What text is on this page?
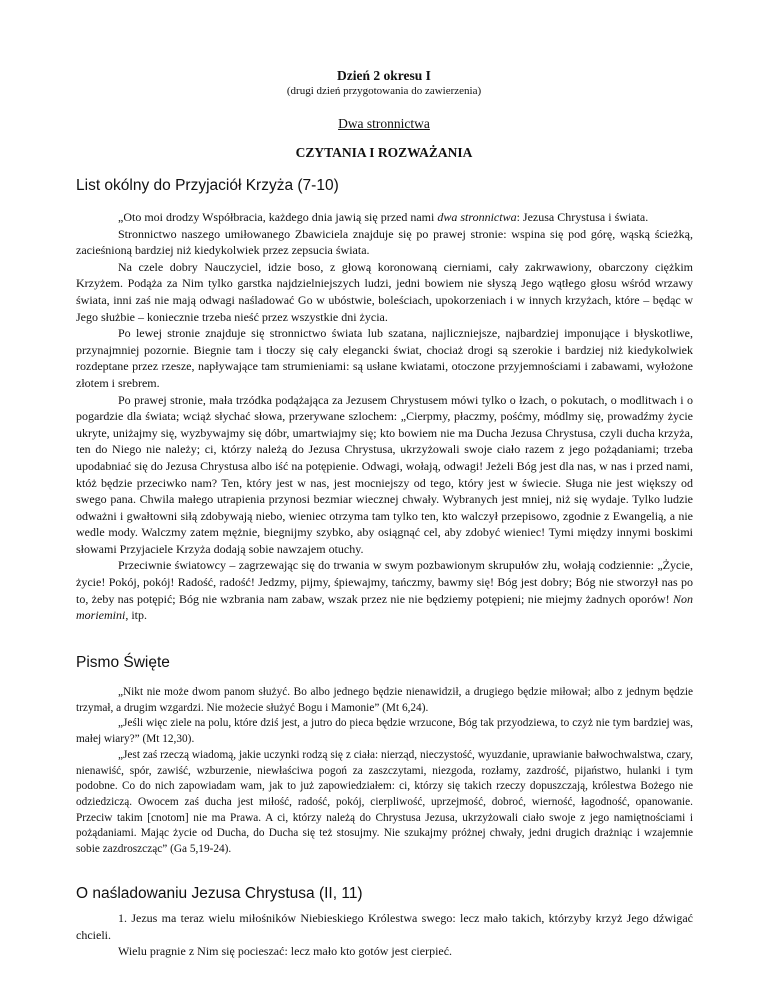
Dzień 2 okresu I
(drugi dzień przygotowania do zawierzenia)
Dwa stronnictwa
CZYTANIA I ROZWAŻANIA
List okólny do Przyjaciół Krzyża (7-10)

„Oto moi drodzy Współbracia, każdego dnia jawią się przed nami dwa stronnictwa: Jezusa Chrystusa i świata.

Stronnictwo naszego umiłowanego Zbawiciela znajduje się po prawej stronie: wspina się pod górę, wąską ścieżką, zacieśnioną bardziej niż kiedykolwiek przez zepsucia świata.

Na czele dobry Nauczyciel, idzie boso, z głową koronowaną cierniami, cały zakrwawiony, obarczony ciężkim Krzyżem. Podąża za Nim tylko garstka najdzielniejszych ludzi, jedni bowiem nie słyszą Jego wątłego głosu wśród wrzawy świata, inni zaś nie mają odwagi naśladować Go w ubóstwie, boleściach, upokorzeniach i w innych krzyżach, które – będąc w Jego służbie – koniecznie trzeba nieść przez wszystkie dni życia.

Po lewej stronie znajduje się stronnictwo świata lub szatana, najliczniejsze, najbardziej imponujące i błyskotliwe, przynajmniej pozornie. Biegnie tam i tłoczy się cały elegancki świat, chociaż drogi są szerokie i bardziej niż kiedykolwiek rozdeptane przez rzesze, napływające tam strumieniami: są usłane kwiatami, otoczone przyjemnościami i zabawami, wyłożone złotem i srebrem.

Po prawej stronie, mała trzódka podążająca za Jezusem Chrystusem mówi tylko o łzach, o pokutach, o modlitwach i o pogardzie dla świata; wciąż słychać słowa, przerywane szlochem: „Cierpmy, płaczmy, pośćmy, módlmy się, prowadźmy życie ukryte, uniżajmy się, wyzbywajmy się dóbr, umartwiajmy się; kto bowiem nie ma Ducha Jezusa Chrystusa, czyli ducha krzyża, ten do Niego nie należy; ci, którzy należą do Jezusa Chrystusa, ukrzyżowali swoje ciało razem z jego pożądaniami; trzeba upodabniać się do Jezusa Chrystusa albo iść na potępienie. Odwagi, wołają, odwagi! Jeżeli Bóg jest dla nas, w nas i przed nami, któż będzie przeciwko nam? Ten, który jest w nas, jest mocniejszy od tego, który jest w świecie. Sługa nie jest większy od swego pana. Chwila małego utrapienia przynosi bezmiar wiecznej chwały. Wybranych jest mniej, niż się wydaje. Tylko ludzie odważni i gwałtowni siłą zdobywają niebo, wieniec otrzyma tam tylko ten, kto walczył przepisowo, zgodnie z Ewangelią, a nie wedle mody. Walczmy zatem mężnie, biegnijmy szybko, aby osiągnąć cel, aby zdobyć wieniec! Tymi między innymi boskimi słowami Przyjaciele Krzyża dodają sobie nawzajem otuchy.

Przeciwnie światowcy – zagrzewając się do trwania w swym pozbawionym skrupułów złu, wołają codziennie: „Życie, życie! Pokój, pokój! Radość, radość! Jedzmy, pijmy, śpiewajmy, tańczmy, bawmy się! Bóg jest dobry; Bóg nie stworzył nas po to, żeby nas potępić; Bóg nie wzbrania nam zabaw, wszak przez nie nie będziemy potępieni; nie miejmy żadnych oporów! Non moriemini, itp.

Pismo Święte

„Nikt nie może dwom panom służyć. Bo albo jednego będzie nienawidził, a drugiego będzie miłował; albo z jednym będzie trzymał, a drugim wzgardzi. Nie możecie służyć Bogu i Mamonie” (Mt 6,24).

„Jeśli więc ziele na polu, które dziś jest, a jutro do pieca będzie wrzucone, Bóg tak przyodziewa, to czyż nie tym bardziej was, małej wiary?” (Mt 12,30).

„Jest zaś rzeczą wiadomą, jakie uczynki rodzą się z ciała: nierząd, nieczystość, wyuzdanie, uprawianie bałwochwalstwa, czary, nienawiść, spór, zawiść, wzburzenie, niewłaściwa pogoń za zaszczytami, niezgoda, rozłamy, zazdrość, pijaństwo, hulanki i tym podobne. Co do nich zapowiadam wam, jak to już zapowiedziałem: ci, którzy się takich rzeczy dopuszczają, królestwa Bożego nie odziedziczą. Owocem zaś ducha jest miłość, radość, pokój, cierpliwość, uprzejmość, dobroć, wierność, łagodność, opanowanie. Przeciw takim [cnotom] nie ma Prawa. A ci, którzy należą do Chrystusa Jezusa, ukrzyżowali ciało swoje z jego namiętnościami i pożądaniami. Mając życie od Ducha, do Ducha się też stosujmy. Nie szukajmy próżnej chwały, jedni drugich drażniąc i wzajemnie sobie zazdroszcząc” (Ga 5,19-24).

O naśladowaniu Jezusa Chrystusa (II, 11)

1. Jezus ma teraz wielu miłośników Niebieskiego Królestwa swego: lecz mało takich, którzyby krzyż Jego dźwigać chcieli.

Wielu pragnie z Nim się pocieszać: lecz mało kto gotów jest cierpieć.
